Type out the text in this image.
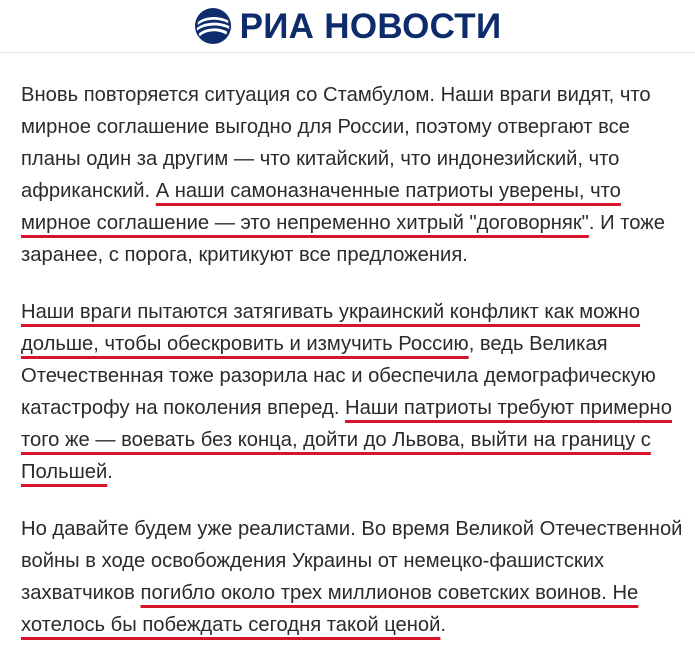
РИА НОВОСТИ

Вновь повторяется ситуация со Стамбулом. Наши враги видят, что мирное соглашение выгодно для России, поэтому отвергают все планы один за другим — что китайский, что индонезийский, что африканский. А наши самоназначенные патриоты уверены, что мирное соглашение — это непременно хитрый "договорняк". И тоже заранее, с порога, критикуют все предложения.

Наши враги пытаются затягивать украинский конфликт как можно дольше, чтобы обескровить и измучить Россию, ведь Великая Отечественная тоже разорила нас и обеспечила демографическую катастрофу на поколения вперед. Наши патриоты требуют примерно того же — воевать без конца, дойти до Львова, выйти на границу с Польшей.

Но давайте будем уже реалистами. Во время Великой Отечественной войны в ходе освобождения Украины от немецко-фашистских захватчиков погибло около трех миллионов советских воинов. Не хотелось бы побеждать сегодня такой ценой.
